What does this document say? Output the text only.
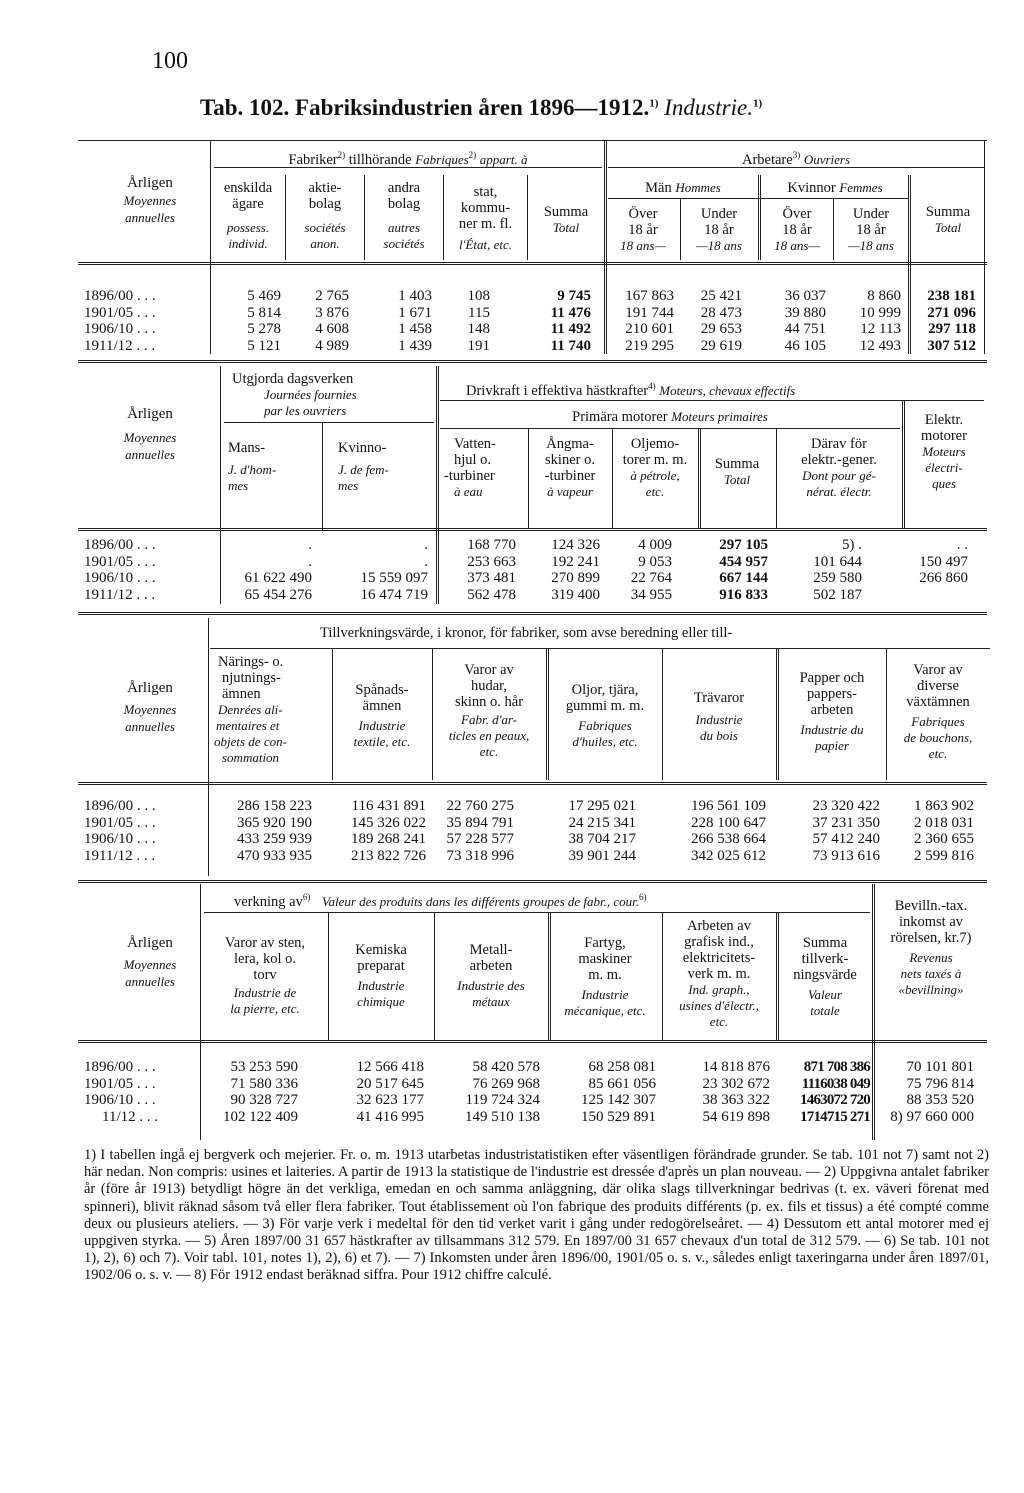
100
Tab. 102. Fabriksindustrien åren 1896—1912.$^{1)}$ Industrie.$^{1)}$
Årligen
Moyennes
annuelles
Fabriker$^{2)}$ tillhörande Fabriques$^{2)}$ appart. à	Arbetare$^{3)}$ Ouvriers
enskilda
ägare
possess.
individ.
aktie-
bolag
sociétés
anon.
andra
bolag
autres
sociétés
stat,
kommu-
ner m. fl.
l'État, etc.
Summa
Total
Män Hommes	Kvinnor Femmes
Över
18 år
18 ans—
Under
18 år
—18 ans
Över
18 år
18 ans—
Under
18 år
—18 ans
Summa
Total
1896/00 . . .
1901/05 . . .
1906/10 . . .
1911/12 . . .
5 469
5 814
5 278
5 121
2 765
3 876
4 608
4 989
1 403
1 671
1 458
1 439
108
115
148
191
9 745
11 476
11 492
11 740
167 863
191 744
210 601
219 295
25 421
28 473
29 653
29 619
36 037
39 880
44 751
46 105
8 860
10 999
12 113
12 493
238 181
271 096
297 118
307 512
Årligen
Moyennes
annuelles
Utgjorda dagsverken
Journées fournies
par les ouvriers
Mans-
J. d'hom-
mes
Kvinno-
J. de fem-
mes
Drivkraft i effektiva hästkrafter$^{4)}$ Moteurs, chevaux effectifs
Primära motorer Moteurs primaires
Vatten-
hjul o.
-turbiner
à eau
Ångma-
skiner o.
-turbiner
à vapeur
Oljemo-
torer m. m.
à pétrole,
etc.
Summa
Total
Därav för
elektr.-gener.
Dont pour gé-
nérat. électr.
Elektr.
motorer
Moteurs
électri-
ques
1896/00 . . .
1901/05 . . .
1906/10 . . .
1911/12 . . .
.
.
61 622 490
65 454 276
.
.
15 559 097
16 474 719
168 770
253 663
373 481
562 478
124 326
192 241
270 899
319 400
4 009
9 053
22 764
34 955
297 105
454 957
667 144
916 833
5) .
101 644
259 580
502 187
. .
150 497
266 860
Tillverkningsvärde, i kronor, för fabriker, som avse beredning eller till-
Årligen
Moyennes
annuelles
Närings- o.
njutnings-
ämnen
Denrées ali-
mentaires et
objets de con-
sommation
Spånads-
ämnen
Industrie
textile, etc.
Varor av
hudar,
skinn o. hår
Fabr. d'ar-
ticles en peaux,
etc.
Oljor, tjära,
gummi m. m.
Fabriques
d'huiles, etc.
Trävaror
Industrie
du bois
Papper och
pappers-
arbeten
Industrie du
papier
Varor av
diverse
växtämnen
Fabriques
de bouchons,
etc.
1896/00 . . .
1901/05 . . .
1906/10 . . .
1911/12 . . .
286 158 223
365 920 190
433 259 939
470 933 935
116 431 891
145 326 022
189 268 241
213 822 726
22 760 275
35 894 791
57 228 577
73 318 996
17 295 021
24 215 341
38 704 217
39 901 244
196 561 109
228 100 647
266 538 664
342 025 612
23 320 422
37 231 350
57 412 240
73 913 616
1 863 902
2 018 031
2 360 655
2 599 816
verkning $av^{6)}$ Valeur des produits dans les différents groupes de fabr., cour.$^{6)}$
Årligen
Moyennes
annuelles
Varor av sten,
lera, kol o.
torv
Industrie de
la pierre, etc.
Kemiska
preparat
Industrie
chimique
Metall-
arbeten
Industrie des
métaux
Fartyg,
maskiner
m. m.
Industrie
mécanique, etc.
Arbeten av
grafisk ind.,
elektricitets-
verk m. m.
Ind. graph.,
usines d'électr.,
etc.
Summa
tillverk-
ningsvärde
Valeur
totale
Bevilln.-tax.
inkomst av
rörelsen, kr.7)
Revenus
nets taxés à
«bevillning»
1896/00 . . .
1901/05 . . .
1906/10 . . .
11/12 . . .
53 253 590
71 580 336
90 328 727
102 122 409
12 566 418
20 517 645
32 623 177
41 416 995
58 420 578
76 269 968
119 724 324
149 510 138
68 258 081
85 661 056
125 142 307
150 529 891
14 818 876
23 302 672
38 363 322
54 619 898
871 708 386
1116038 049
1463072 720
1714715 271
70 101 801
75 796 814
88 353 520
8) 97 660 000
1) I tabellen ingå ej bergverk och mejerier. Fr. o. m. 1913 utarbetas industristatistiken efter väsentligen förändrade grunder. Se tab. 101 not 7) samt not 2) här nedan. Non compris: usines et laiteries. A partir de 1913 la statistique de l'industrie est dressée d'après un plan nouveau. — 2) Uppgivna antalet fabriker år (före år 1913) betydligt högre än det verkliga, emedan en och samma anläggning, där olika slags tillverkningar bedrivas (t. ex. väveri förenat med spinneri), blivit räknad såsom två eller flera fabriker. Tout établissement où l'on fabrique des produits différents (p. ex. fils et tissus) a été compté comme deux ou plusieurs ateliers. — 3) För varje verk i medeltal för den tid verket varit i gång under redogörelseåret. — 4) Dessutom ett antal motorer med ej uppgiven styrka. — 5) Åren 1897/00 31 657 hästkrafter av tillsammans 312 579. En 1897/00 31 657 chevaux d'un total de 312 579. — 6) Se tab. 101 not 1), 2), 6) och 7). Voir tabl. 101, notes 1), 2), 6) et 7). — 7) Inkomsten under åren 1896/00, 1901/05 o. s. v., således enligt taxeringarna under åren 1897/01, 1902/06 o. s. v. — 8) För 1912 endast beräknad siffra. Pour 1912 chiffre calculé.
